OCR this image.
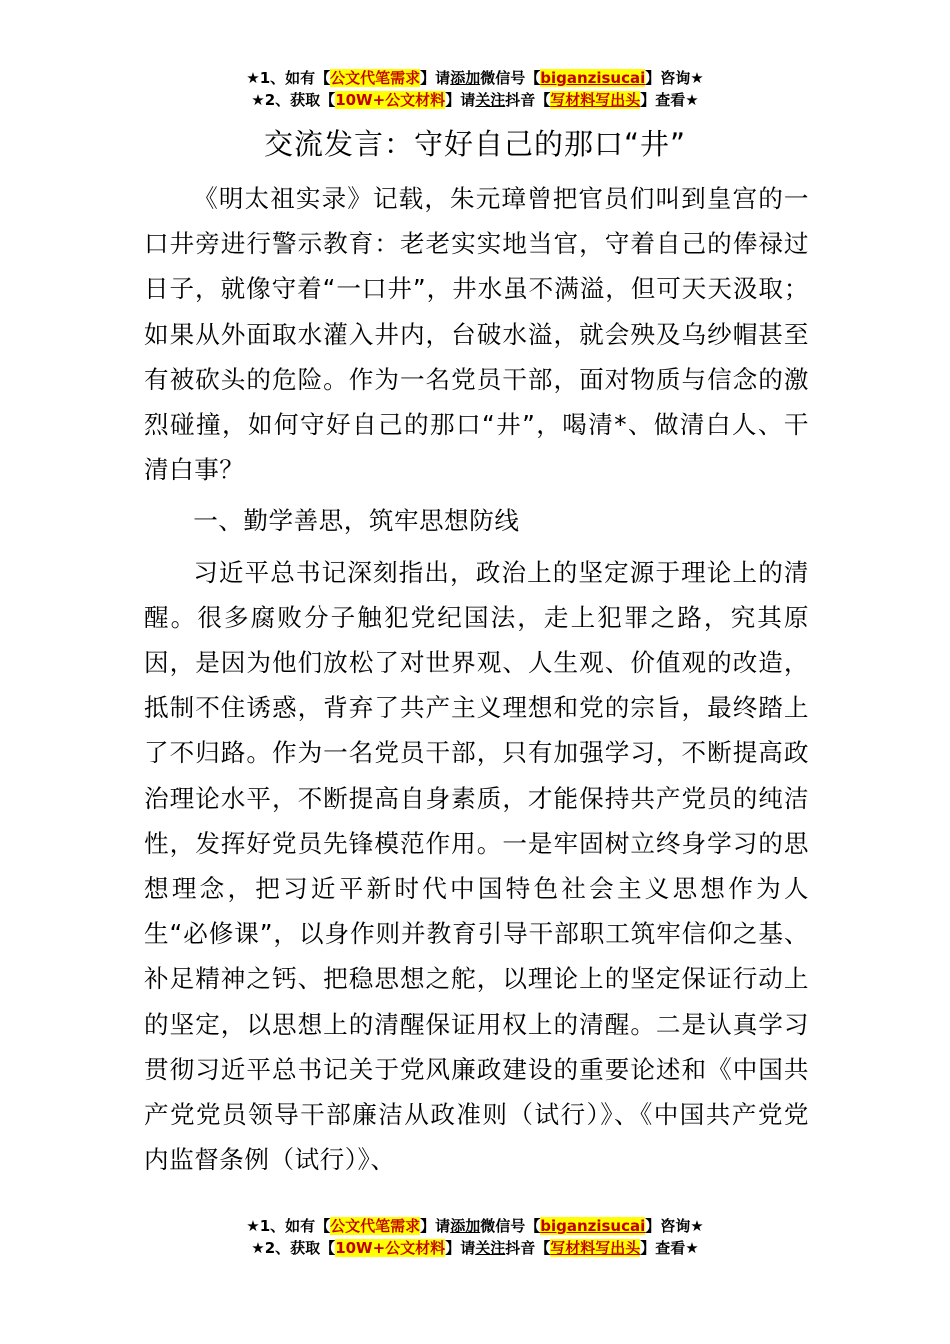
★1、如有【公文代笔需求】请添加微信号【biganzisucai】咨询★
★2、获取【10W+公文材料】请关注抖音【写材料写出头】查看★
交流发言：守好自己的那口“井”

《明太祖实录》记载，朱元璋曾把官员们叫到皇宫的一口井旁进行警示教育：老老实实地当官，守着自己的俸禄过日子，就像守着“一口井”，井水虽不满溢，但可天天汲取；如果从外面取水灌入井内，台破水溢，就会殃及乌纱帽甚至有被砍头的危险。作为一名党员干部，面对物质与信念的激烈碰撞，如何守好自己的那口“井”，喝清*、做清白人、干清白事？

一、勤学善思，筑牢思想防线

习近平总书记深刻指出，政治上的坚定源于理论上的清醒。很多腐败分子触犯党纪国法，走上犯罪之路，究其原因，是因为他们放松了对世界观、人生观、价值观的改造，抵制不住诱惑，背弃了共产主义理想和党的宗旨，最终踏上了不归路。作为一名党员干部，只有加强学习，不断提高政治理论水平，不断提高自身素质，才能保持共产党员的纯洁性，发挥好党员先锋模范作用。一是牢固树立终身学习的思想理念，把习近平新时代中国特色社会主义思想作为人生“必修课”，以身作则并教育引导干部职工筑牢信仰之基、补足精神之钙、把稳思想之舵，以理论上的坚定保证行动上的坚定，以思想上的清醒保证用权上的清醒。二是认真学习贯彻习近平总书记关于党风廉政建设的重要论述和《中国共产党党员领导干部廉洁从政准则（试行）》、《中国共产党党内监督条例（试行）》、

★1、如有【公文代笔需求】请添加微信号【biganzisucai】咨询★
★2、获取【10W+公文材料】请关注抖音【写材料写出头】查看★
